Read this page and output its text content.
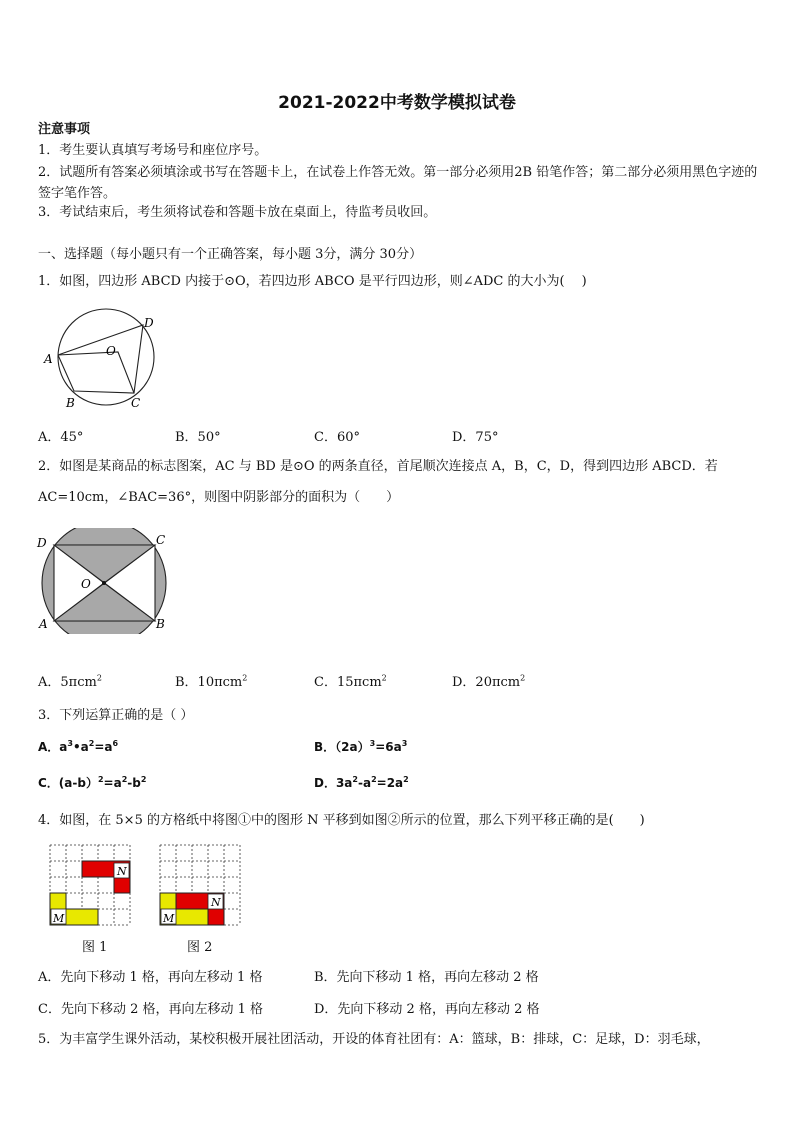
2021-2022中考数学模拟试卷
注意事项
1．考生要认真填写考场号和座位序号。
2．试题所有答案必须填涂或书写在答题卡上，在试卷上作答无效。第一部分必须用2B 铅笔作答；第二部分必须用黑色字迹的签字笔作答。
3．考试结束后，考生须将试卷和答题卡放在桌面上，待监考员收回。
一、选择题（每小题只有一个正确答案，每小题 3分，满分 30分）
1．如图，四边形 ABCD 内接于⊙O，若四边形 ABCO 是平行四边形，则∠ADC 的大小为(　 )
A
B	C
D
O
A．45°	B．50°	C．60°	D．75°
2．如图是某商品的标志图案，AC 与 BD 是⊙O 的两条直径，首尾顺次连接点 A，B，C，D，得到四边形 ABCD．若
AC=10cm，∠BAC=36°，则图中阴影部分的面积为（　　）
D	C
O
A	B
A．5πcm$^2$	B．10πcm$^2$	C．15πcm$^2$	D．20πcm$^2$
3．下列运算正确的是（ ）
A．$a^3•a^2=a^6$	B．$(2a)^3=6a^3$
C．$(a-b)^2=a^2-b^2$	D．$3a^2-a^2=2a^2$
4．如图，在 5×5 的方格纸中将图①中的图形 N 平移到如图②所示的位置，那么下列平移正确的是(　　)
N
M
图 1
N
M
图 2
A．先向下移动 1 格，再向左移动 1 格	B．先向下移动 1 格，再向左移动 2 格
C．先向下移动 2 格，再向左移动 1 格	D．先向下移动 2 格，再向左移动 2 格
5．为丰富学生课外活动，某校积极开展社团活动，开设的体育社团有：A：篮球，B：排球，C：足球，D：羽毛球，
